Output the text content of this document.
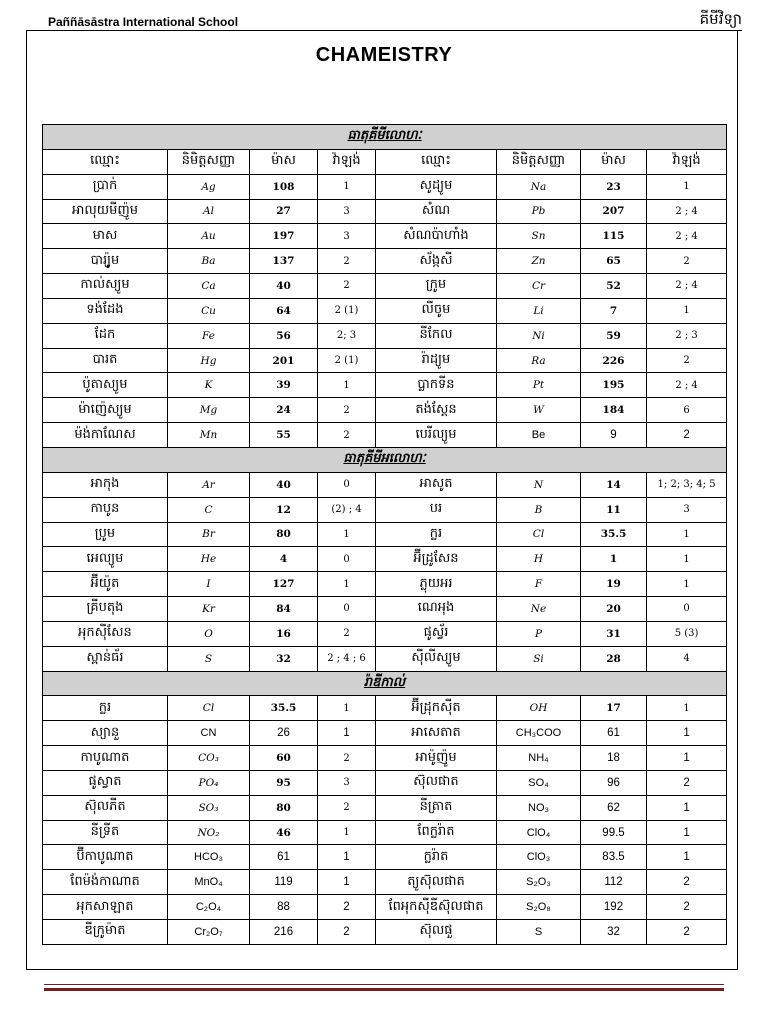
Paññāsāstra International School	គីមីវិទ្យា
CHAMEISTRY
ធាតុគីមីលោហៈ							
ឈ្មោះ	និមិត្តសញ្ញា	ម៉ាស	វ៉ាឡង់	ឈ្មោះ	និមិត្តសញ្ញា	ម៉ាស	វ៉ាឡង់
ប្រាក់	Ag	108	1	សូដ្យូម	Na	23	1
អាលុយមីញ៉ូម	Al	27	3	សំណ	Pb	207	2 ; 4
មាស	Au	197	3	សំណប៉ាហាំង	Sn	115	2 ; 4
បារ្យ៉ូម	Ba	137	2	ស័ង្កសី	Zn	65	2
កាល់ស្យូម	Ca	40	2	ក្រូម	Cr	52	2 ; 4
ទង់ដែង	Cu	64	2 (1)	លីចូម	Li	7	1
ដែក	Fe	56	2; 3	នីកែល	Ni	59	2 ; 3
បារត	Hg	201	2 (1)	រ៉ាដ្យូម	Ra	226	2
ប៉ូតាស្យូម	K	39	1	ប្លាកទីន	Pt	195	2 ; 4
ម៉ាញ៉េស្យូម	Mg	24	2	តង់ស្តែន	W	184	6
ម៉ង់កាណែស	Mn	55	2	បេរីល្យូម	Be	9	2
ធាតុគីមីអលោហៈ							
អាកុង	Ar	40	0	អាសូត	N	14	1; 2; 3; 4; 5
កាបូន	C	12	(2) ; 4	បរ	B	11	3
ប្រូម	Br	80	1	ក្លរ	Cl	35.5	1
អេល្យូម	He	4	0	អ៊ីដ្រូសែន	H	1	1
អ៊ីយ៉ូត	I	127	1	ភ្លុយអរ	F	19	1
គ្រីបតុង	Kr	84	0	ណេអុង	Ne	20	0
អុកស៊ីសែន	O	16	2	ផូស្វ័រ	P	31	5 (3)
ស្ពាន់ធ័រ	S	32	2 ; 4 ; 6	ស៊ីលីស្យូម	Si	28	4
រ៉ាឌីកាល់							
ក្លរ	Cl	35.5	1	អ៊ីដ្រុកស៊ីត	OH	17	1
ស្យានួ	CN	26	1	អាសេតាត	CH₃COO	61	1
កាបូណាត	CO₃	60	2	អាម៉ូញ៉ូម	NH₄	18	1
ផូស្វាត	PO₄	95	3	ស៊ុលផាត	SO₄	96	2
ស៊ុលភីត	SO₃	80	2	នីត្រាត	NO₃	62	1
នីទ្រីត	NO₂	46	1	ពែក្លរ៉ាត	ClO₄	99.5	1
ប៊ីកាបូណាត	HCO₃	61	1	ក្លរ៉ាត	ClO₃	83.5	1
ពែម៉ង់កាណាត	MnO₄	119	1	ត្យូស៊ុលផាត	S₂O₃	112	2
អុកសាឡាត	C₂O₄	88	2	ពែអុកស៊ីឌីស៊ុលផាត	S₂O₈	192	2
ឌីក្រូម៉ាត	Cr₂O₇	216	2	ស៊ុលផួ	S	32	2
